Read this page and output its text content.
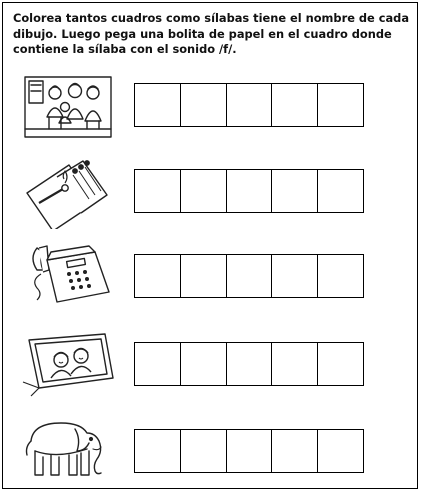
Colorea tantos cuadros como sílabas tiene el nombre de cada dibujo. Luego pega una bolita de papel en el cuadro donde contiene la sílaba con el sonido /f/.
